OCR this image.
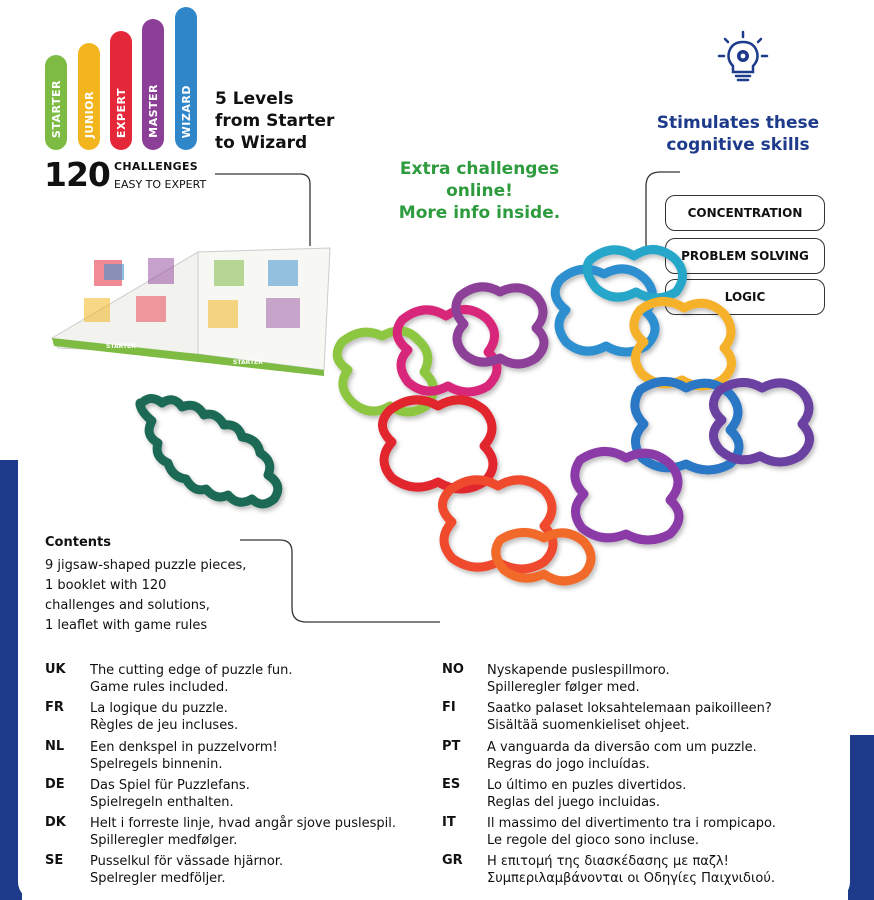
STARTER JUNIOR EXPERT MASTER WIZARD 5 Levels
from Starter
to Wizard
120 CHALLENGES
EASY TO EXPERT
Extra challenges
online!
More info inside.
Stimulates these
cognitive skills
CONCENTRATION
PROBLEM SOLVING
LOGIC
STARTER
STARTER
Contents
9 jigsaw-shaped puzzle pieces,
1 booklet with 120
challenges and solutions,
1 leaflet with game rules
UK The cutting edge of puzzle fun.
Game rules included.
FR La logique du puzzle.
Règles de jeu incluses.
NL Een denkspel in puzzelvorm!
Spelregels binnenin.
DE Das Spiel für Puzzlefans.
Spielregeln enthalten.
DK Helt i forreste linje, hvad angår sjove puslespil.
Spilleregler medfølger.
SE Pusselkul för vässade hjärnor.
Spelregler medföljer.
NO Nyskapende puslespillmoro.
Spilleregler følger med.
FI Saatko palaset loksahtelemaan paikoilleen?
Sisältää suomenkieliset ohjeet.
PT A vanguarda da diversão com um puzzle.
Regras do jogo incluídas.
ES Lo último en puzles divertidos.
Reglas del juego incluidas.
IT Il massimo del divertimento tra i rompicapo.
Le regole del gioco sono incluse.
GR Η επιτομή της διασκέδασης με παζλ!
Συμπεριλαμβάνονται οι Οδηγίες Παιχνιδιού.
